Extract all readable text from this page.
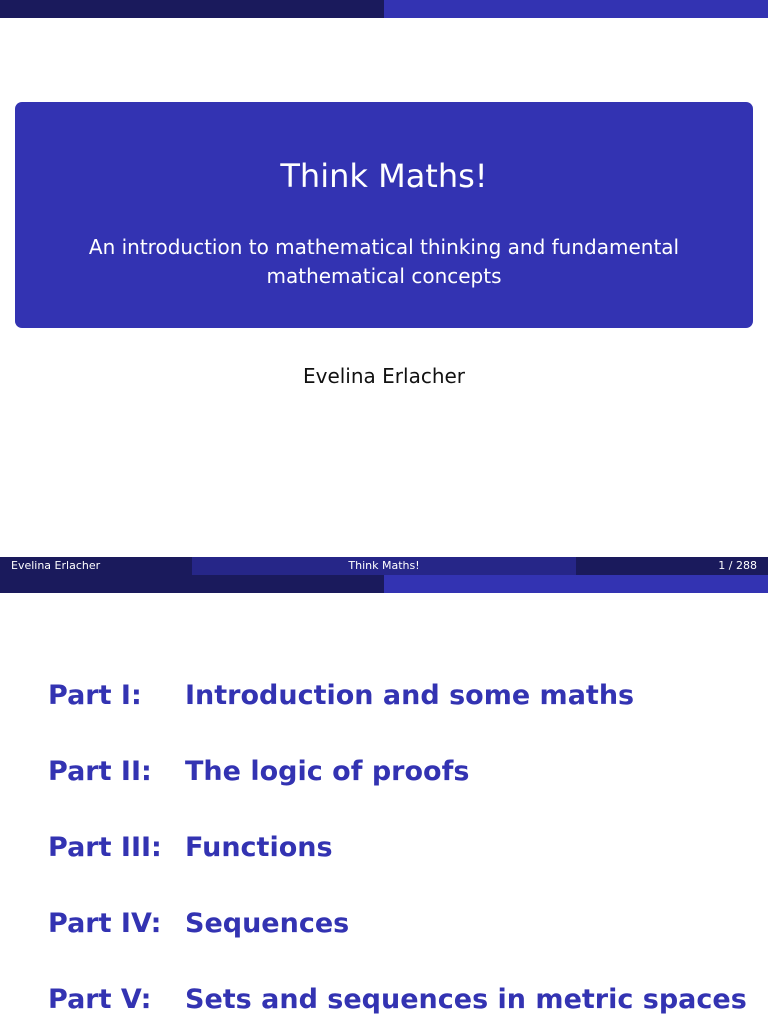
Think Maths!
An introduction to mathematical thinking and fundamental mathematical concepts
Evelina Erlacher
Think Maths!
Evelina Erlacher	1 / 288
Part I: Introduction and some maths
Part II: The logic of proofs
Part III: Functions
Part IV: Sequences
Part V: Sets and sequences in metric spaces
